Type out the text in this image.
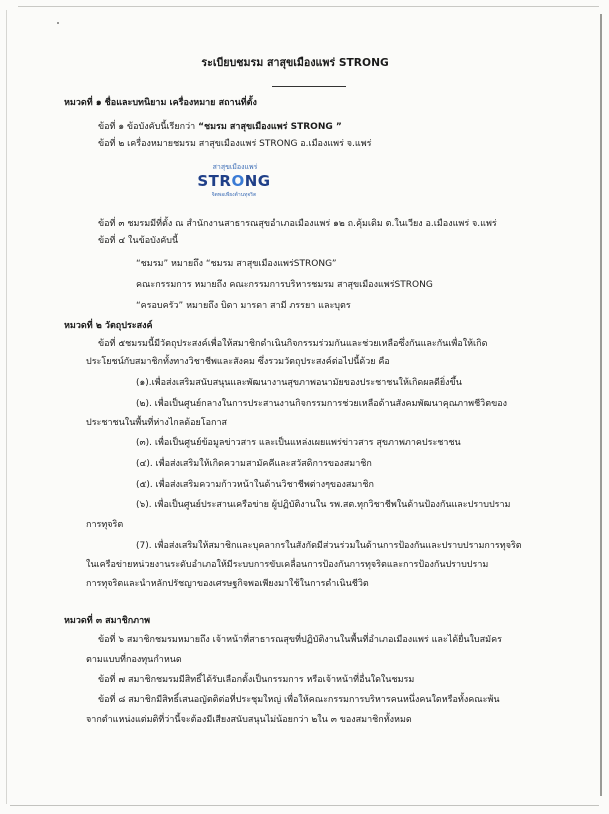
ระเบียบชมรม สาสุขเมืองแพร่ STRONG
หมวดที่ ๑ ชื่อและบทนิยาม เครื่องหมาย สถานที่ตั้ง
ข้อที่ ๑ ข้อบังคับนี้เรียกว่า “ชมรม สาสุขเมืองแพร่ STRONG ”
ข้อที่ ๒ เครื่องหมายชมรม สาสุขเมืองแพร่ STRONG อ.เมืองแพร่ จ.แพร่
สาสุขเมืองแพร่
STRONG
จิตพอเพียงต้านทุจริต
ข้อที่ ๓ ชมรมมีที่ตั้ง ณ สำนักงานสาธารณสุขอำเภอเมืองแพร่ ๑๒ ถ.คุ้มเดิม ต.ในเวียง อ.เมืองแพร่ จ.แพร่
ข้อที่ ๔ ในข้อบังคับนี้
“ชมรม” หมายถึง “ชมรม สาสุขเมืองแพร่STRONG”
คณะกรรมการ หมายถึง คณะกรรมการบริหารชมรม สาสุขเมืองแพร่STRONG
“ครอบครัว” หมายถึง บิดา มารดา สามี ภรรยา และบุตร
หมวดที่ ๒ วัตถุประสงค์
ข้อที่ ๕ชมรมนี้มีวัตถุประสงค์เพื่อให้สมาชิกดำเนินกิจกรรมร่วมกันและช่วยเหลือซึ่งกันและกันเพื่อให้เกิด
ประโยชน์กับสมาชิกทั้งทางวิชาชีพและสังคม ซึ่งรวมวัตถุประสงค์ต่อไปนี้ด้วย คือ
(๑).เพื่อส่งเสริมสนับสนุนและพัฒนางานสุขภาพอนามัยของประชาชนให้เกิดผลดียิ่งขึ้น
(๒). เพื่อเป็นศูนย์กลางในการประสานงานกิจกรรมการช่วยเหลือด้านสังคมพัฒนาคุณภาพชีวิตของ
ประชาชนในพื้นที่ห่างไกลด้อยโอกาส
(๓). เพื่อเป็นศูนย์ข้อมูลข่าวสาร และเป็นแหล่งเผยแพร่ข่าวสาร สุขภาพภาคประชาชน
(๔). เพื่อส่งเสริมให้เกิดความสามัคคีและสวัสดิการของสมาชิก
(๕). เพื่อส่งเสริมความก้าวหน้าในด้านวิชาชีพต่างๆของสมาชิก
(๖). เพื่อเป็นศูนย์ประสานเครือข่าย ผู้ปฏิบัติงานใน รพ.สต.ทุกวิชาชีพในด้านป้องกันและปราบปราม
การทุจริต
(7). เพื่อส่งเสริมให้สมาชิกและบุคลากรในสังกัดมีส่วนร่วมในด้านการป้องกันและปราบปรามการทุจริต
ในเครือข่ายหน่วยงานระดับอำเภอให้มีระบบการขับเคลื่อนการป้องกันการทุจริตและการป้องกันปราบปราม
การทุจริตและนำหลักปรัชญาของเศรษฐกิจพอเพียงมาใช้ในการดำเนินชีวิต
หมวดที่ ๓ สมาชิกภาพ
ข้อที่ ๖ สมาชิกชมรมหมายถึง เจ้าหน้าที่สาธารณสุขที่ปฏิบัติงานในพื้นที่อำเภอเมืองแพร่ และได้ยื่นใบสมัคร
ตามแบบที่กองทุนกำหนด
ข้อที่ ๗ สมาชิกชมรมมีสิทธิ์ได้รับเลือกตั้งเป็นกรรมการ หรือเจ้าหน้าที่อื่นใดในชมรม
ข้อที่ ๘ สมาชิกมีสิทธิ์เสนอญัตติต่อที่ประชุมใหญ่ เพื่อให้คณะกรรมการบริหารคนหนึ่งคนใดหรือทั้งคณะพ้น
จากตำแหน่งแต่มติที่ว่านี้จะต้องมีเสียงสนับสนุนไม่น้อยกว่า ๒ใน ๓ ของสมาชิกทั้งหมด
